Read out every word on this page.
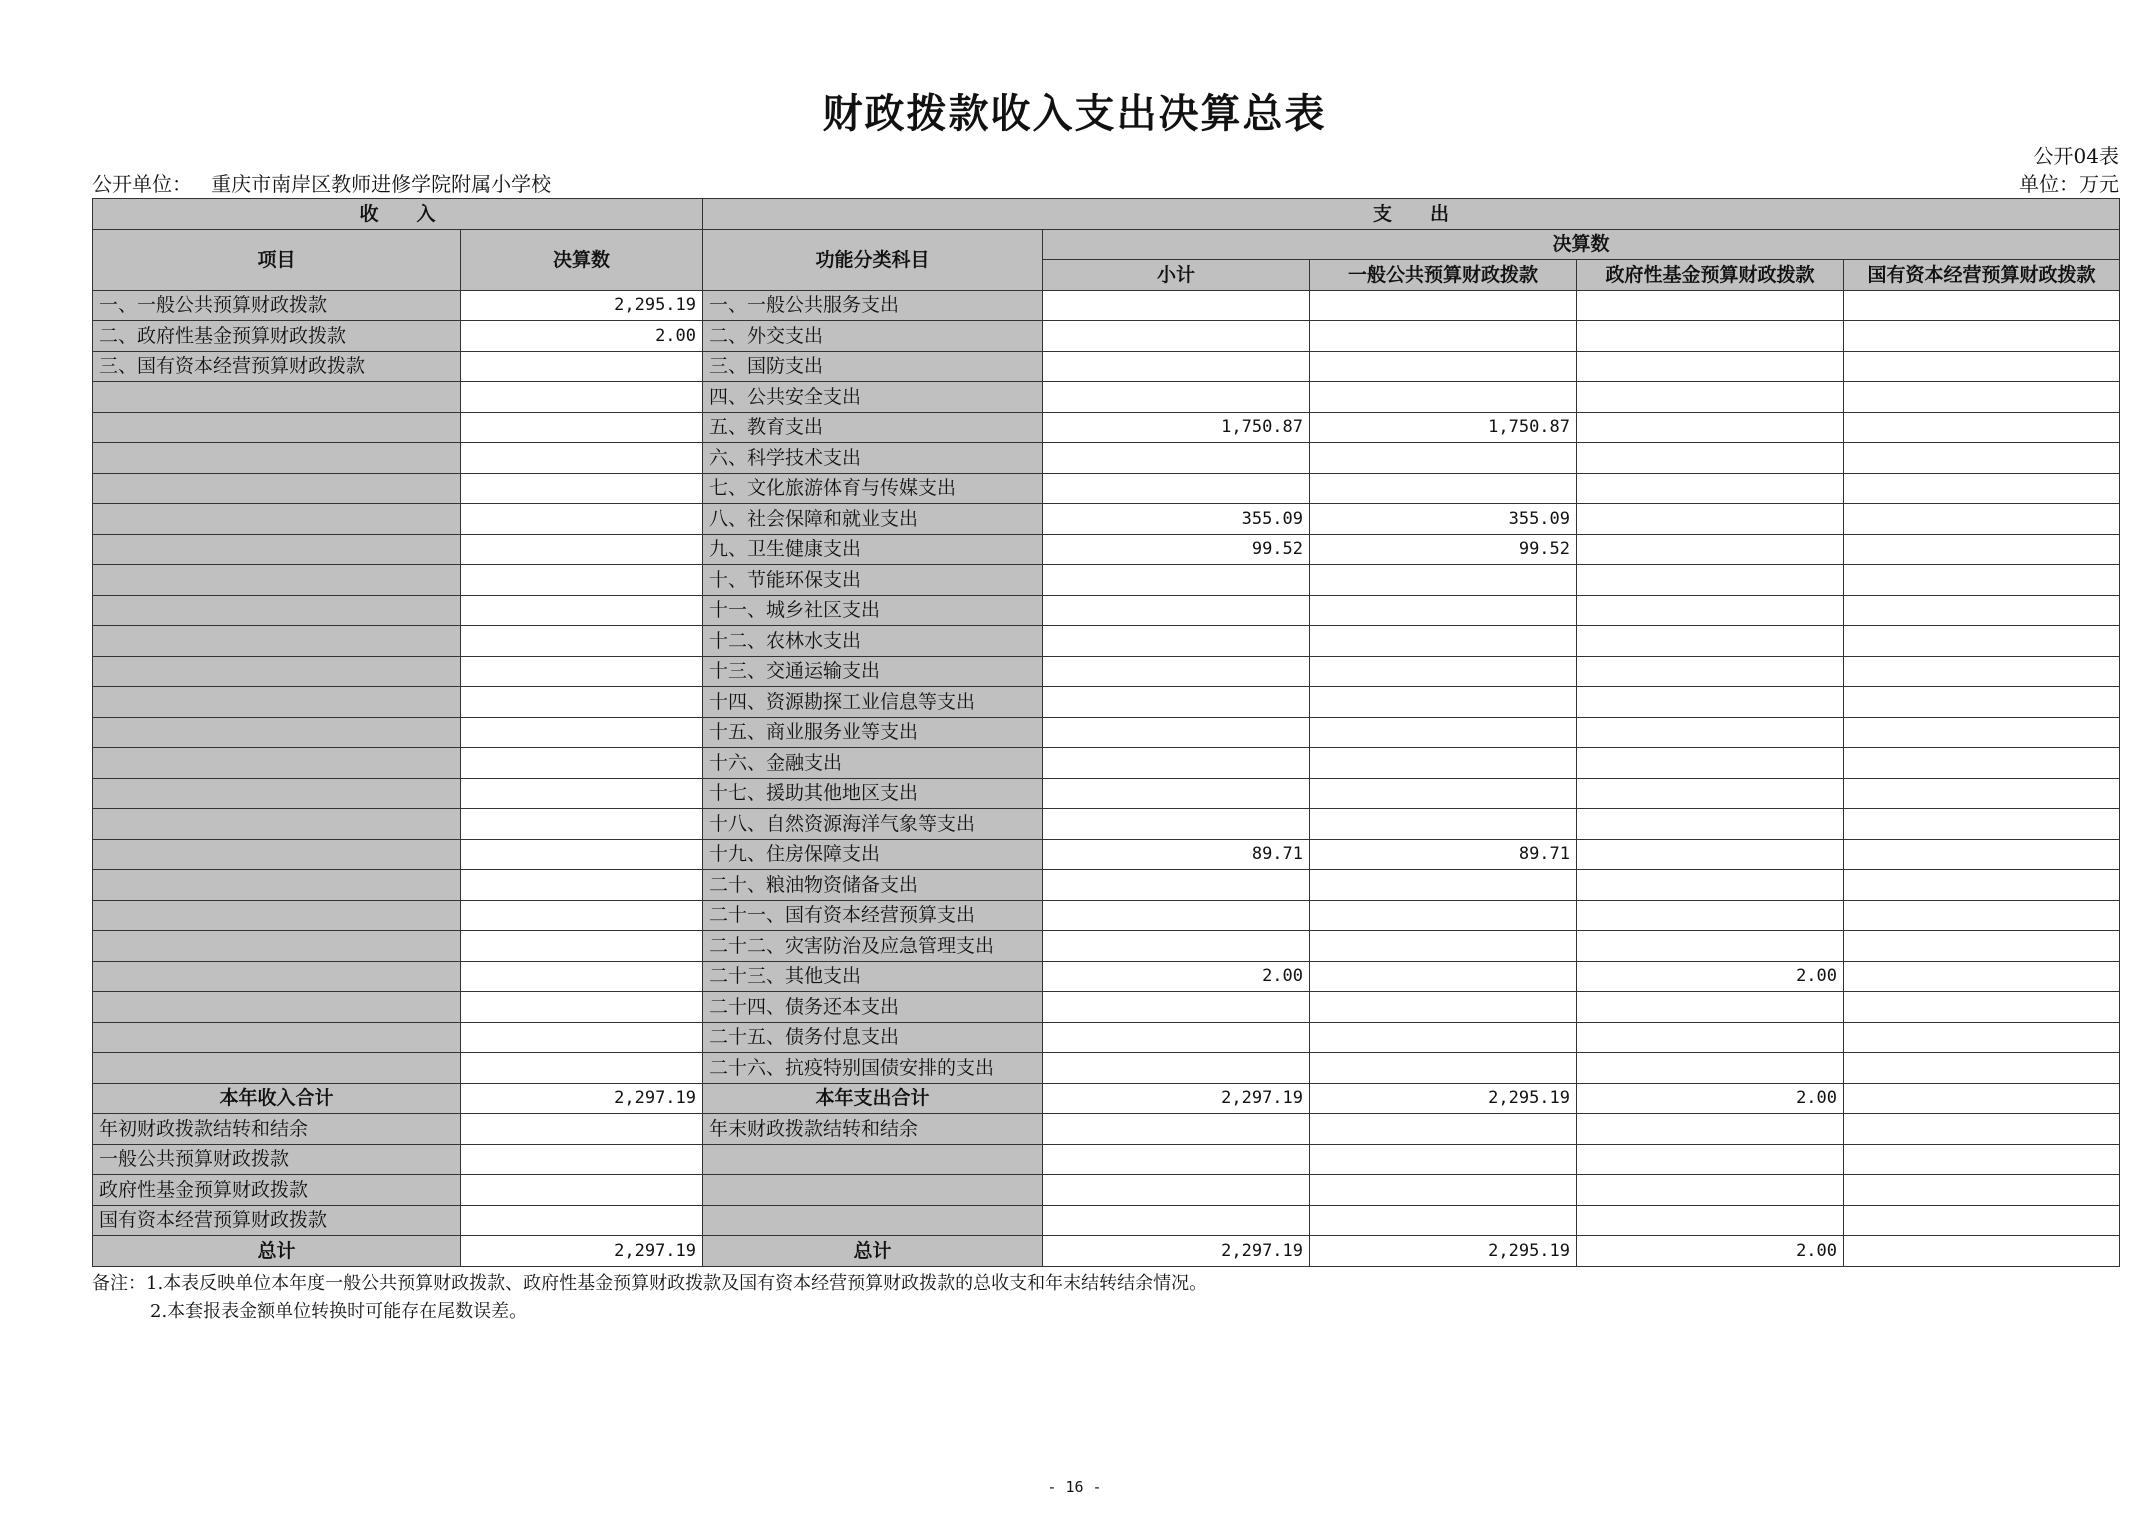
财政拨款收入支出决算总表
公开04表
公开单位： 重庆市南岸区教师进修学院附属小学校	单位：万元
收　　入		支　　出				
项目	决算数	功能分类科目	决算数			
			小计	一般公共预算财政拨款	政府性基金预算财政拨款	国有资本经营预算财政拨款
一、一般公共预算财政拨款	2,295.19	一、一般公共服务支出				
二、政府性基金预算财政拨款	2.00	二、外交支出				
三、国有资本经营预算财政拨款		三、国防支出				
		四、公共安全支出				
		五、教育支出	1,750.87	1,750.87		
		六、科学技术支出				
		七、文化旅游体育与传媒支出				
		八、社会保障和就业支出	355.09	355.09		
		九、卫生健康支出	99.52	99.52		
		十、节能环保支出				
		十一、城乡社区支出				
		十二、农林水支出				
		十三、交通运输支出				
		十四、资源勘探工业信息等支出				
		十五、商业服务业等支出				
		十六、金融支出				
		十七、援助其他地区支出				
		十八、自然资源海洋气象等支出				
		十九、住房保障支出	89.71	89.71		
		二十、粮油物资储备支出				
		二十一、国有资本经营预算支出				
		二十二、灾害防治及应急管理支出				
		二十三、其他支出	2.00		2.00	
		二十四、债务还本支出				
		二十五、债务付息支出				
		二十六、抗疫特别国债安排的支出				
本年收入合计	2,297.19	本年支出合计	2,297.19	2,295.19	2.00	
年初财政拨款结转和结余		年末财政拨款结转和结余				
一般公共预算财政拨款						
政府性基金预算财政拨款						
国有资本经营预算财政拨款						
总计	2,297.19	总计	2,297.19	2,295.19	2.00	
备注：1.本表反映单位本年度一般公共预算财政拨款、政府性基金预算财政拨款及国有资本经营预算财政拨款的总收支和年末结转结余情况。
2.本套报表金额单位转换时可能存在尾数误差。
- 16 -
